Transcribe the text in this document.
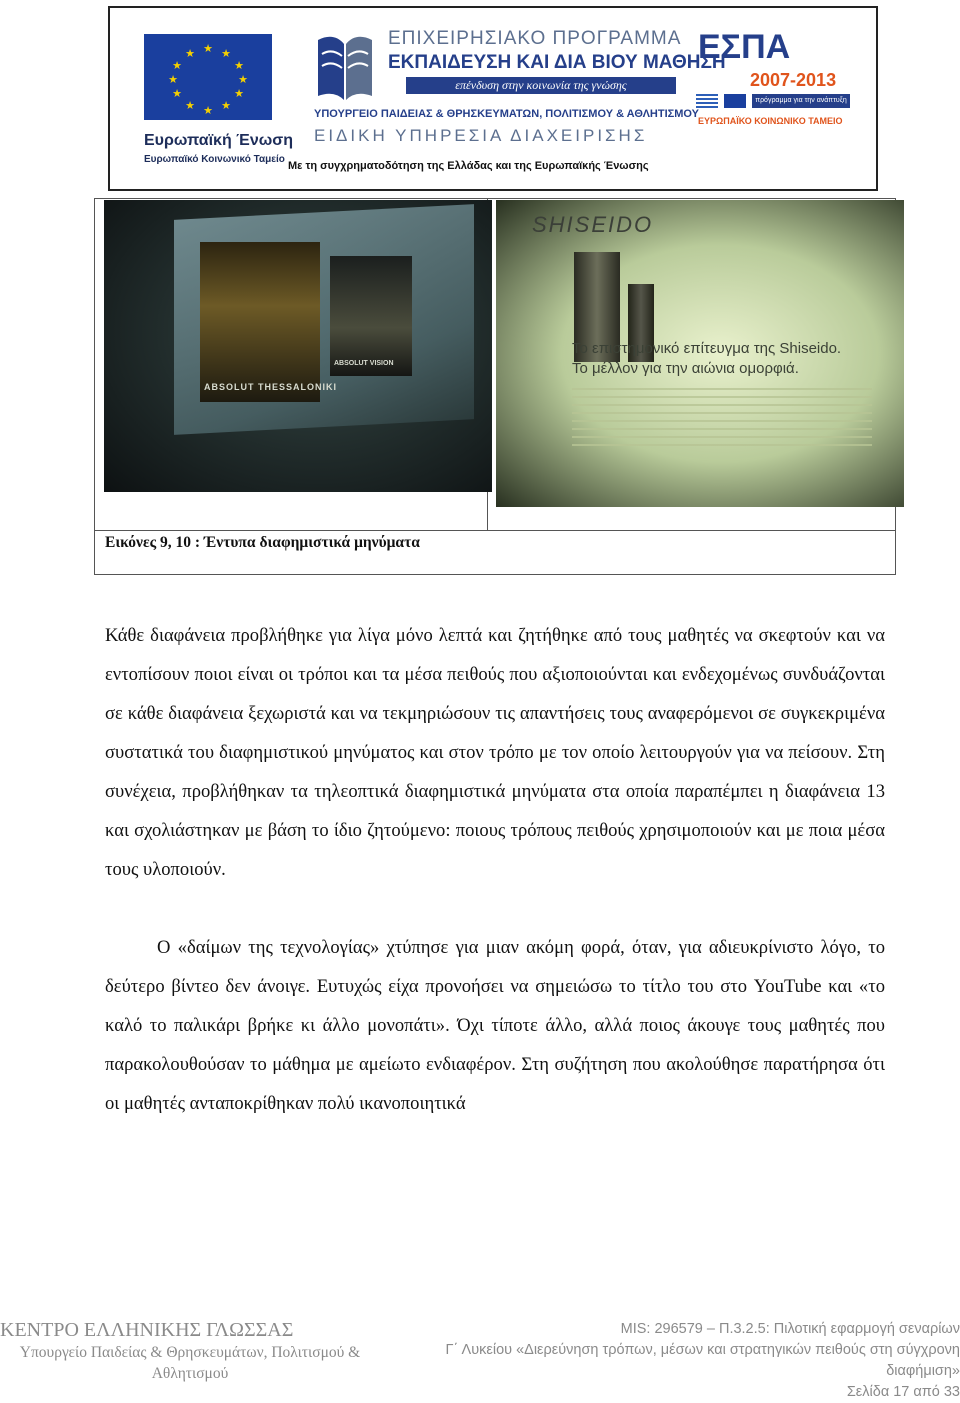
★ ★
★
★
★
★
★
★
★
★
★
★
Ευρωπαϊκή Ένωση
Ευρωπαϊκό Κοινωνικό Ταμείο
ΕΠΙΧΕΙΡΗΣΙΑΚΟ ΠΡΟΓΡΑΜΜΑ
ΕΚΠΑΙΔΕΥΣΗ ΚΑΙ ΔΙΑ ΒΙΟΥ ΜΑΘΗΣΗ
επένδυση στην κοινωνία της γνώσης
ΥΠΟΥΡΓΕΙΟ ΠΑΙΔΕΙΑΣ & ΘΡΗΣΚΕΥΜΑΤΩΝ, ΠΟΛΙΤΙΣΜΟΥ & ΑΘΛΗΤΙΣΜΟΥ
ΕΙΔΙΚΗ ΥΠΗΡΕΣΙΑ ΔΙΑΧΕΙΡΙΣΗΣ
Με τη συγχρηματοδότηση της Ελλάδας και της Ευρωπαϊκής Ένωσης
ΕΣΠΑ
2007-2013
πρόγραμμα για την ανάπτυξη
ΕΥΡΩΠΑΪΚΟ ΚΟΙΝΩΝΙΚΟ ΤΑΜΕΙΟ
ABSOLUT THESSALONIKI
ABSOLUT VISION
SHISEIDO
Το επιστημονικό επίτευγμα της Shiseido.
Το μέλλον για την αιώνια ομορφιά.
Εικόνες 9, 10 : Έντυπα διαφημιστικά μηνύματα

Κάθε διαφάνεια προβλήθηκε για λίγα μόνο λεπτά και ζητήθηκε από τους μαθητές να σκεφτούν και να εντοπίσουν ποιοι είναι οι τρόποι και τα μέσα πειθούς που αξιοποιούνται και ενδεχομένως συνδυάζονται σε κάθε διαφάνεια ξεχωριστά και να τεκμηριώσουν τις απαντήσεις τους αναφερόμενοι σε συγκεκριμένα συστατικά του διαφημιστικού μηνύματος και στον τρόπο με τον οποίο λειτουργούν για να πείσουν. Στη συνέχεια, προβλήθηκαν τα τηλεοπτικά διαφημιστικά μηνύματα στα οποία παραπέμπει η διαφάνεια 13 και σχολιάστηκαν με βάση το ίδιο ζητούμενο: ποιους τρόπους πειθούς χρησιμοποιούν και με ποια μέσα τους υλοποιούν.

Ο «δαίμων της τεχνολογίας» χτύπησε για μιαν ακόμη φορά, όταν, για αδιευκρίνιστο λόγο, το δεύτερο βίντεο δεν άνοιγε. Ευτυχώς είχα προνοήσει να σημειώσω το τίτλο του στο YouTube και «το καλό το παλικάρι βρήκε κι άλλο μονοπάτι». Όχι τίποτε άλλο, αλλά ποιος άκουγε τους μαθητές που παρακολουθούσαν το μάθημα με αμείωτο ενδιαφέρον. Στη συζήτηση που ακολούθησε παρατήρησα ότι οι μαθητές ανταποκρίθηκαν πολύ ικανοποιητικά

ΚΕΝΤΡΟ ΕΛΛΗΝΙΚΗΣ ΓΛΩΣΣΑΣ
Υπουργείο Παιδείας & Θρησκευμάτων, Πολιτισμού & Αθλητισμού
MIS: 296579 – Π.3.2.5: Πιλοτική εφαρμογή σεναρίων
Γ΄ Λυκείου «Διερεύνηση τρόπων, μέσων και στρατηγικών πειθούς στη σύγχρονη
διαφήμιση»
Σελίδα 17 από 33
